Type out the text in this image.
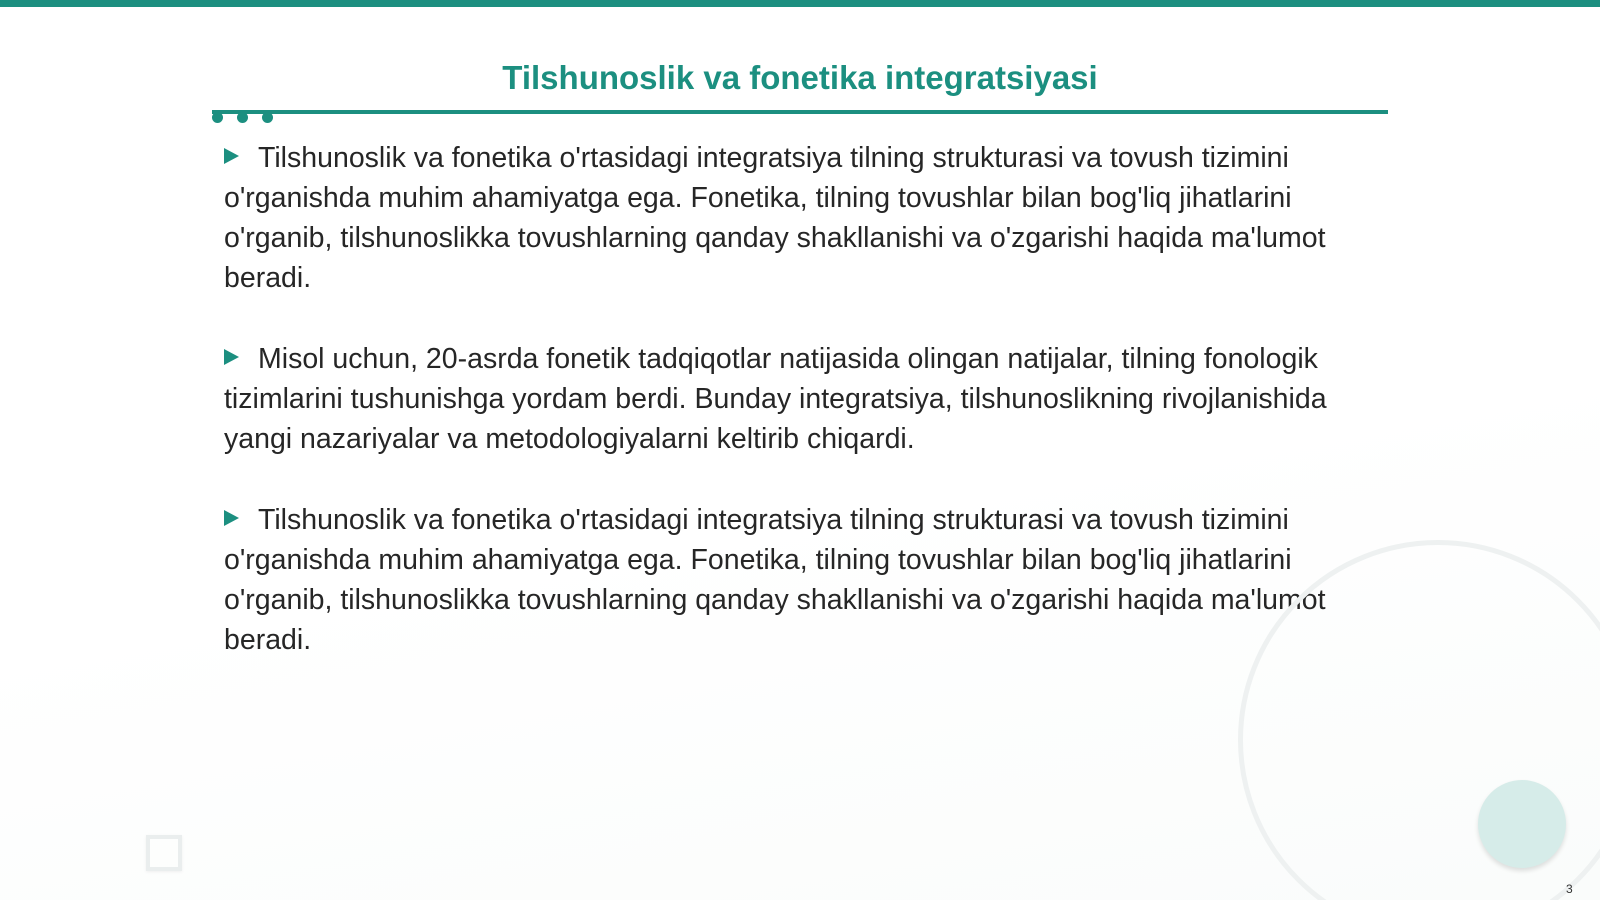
Tilshunoslik va fonetika integratsiyasi

Tilshunoslik va fonetika o'rtasidagi integratsiya tilning strukturasi va tovush tizimini o'rganishda muhim ahamiyatga ega. Fonetika, tilning tovushlar bilan bog'liq jihatlarini o'rganib, tilshunoslikka tovushlarning qanday shakllanishi va o'zgarishi haqida ma'lumot beradi.

Misol uchun, 20-asrda fonetik tadqiqotlar natijasida olingan natijalar, tilning fonologik tizimlarini tushunishga yordam berdi. Bunday integratsiya, tilshunoslikning rivojlanishida yangi nazariyalar va metodologiyalarni keltirib chiqardi.

Tilshunoslik va fonetika o'rtasidagi integratsiya tilning strukturasi va tovush tizimini o'rganishda muhim ahamiyatga ega. Fonetika, tilning tovushlar bilan bog'liq jihatlarini o'rganib, tilshunoslikka tovushlarning qanday shakllanishi va o'zgarishi haqida ma'lumot beradi.

3
